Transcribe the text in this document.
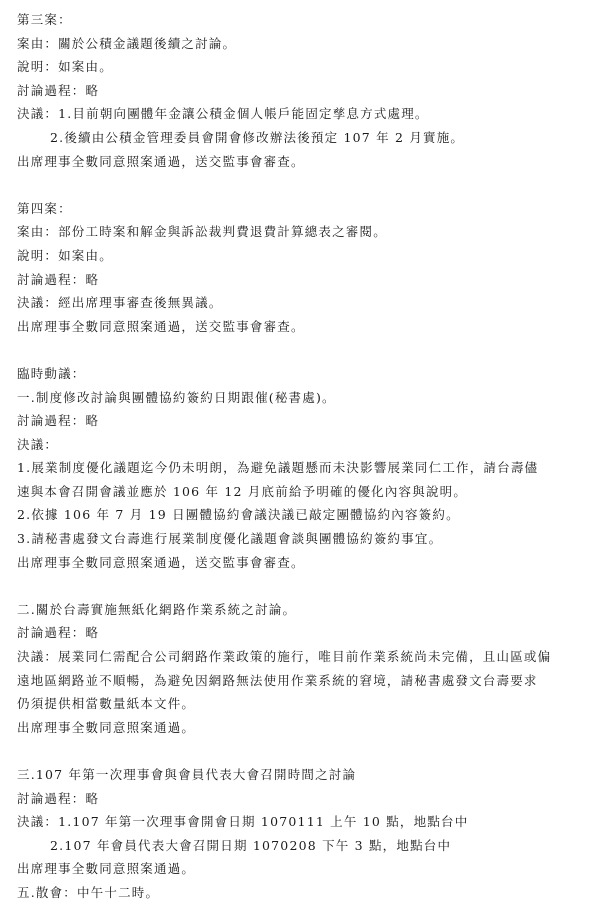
第三案：
案由：關於公積金議題後續之討論。
說明：如案由。
討論過程：略
決議：1.目前朝向團體年金讓公積金個人帳戶能固定孳息方式處理。
2.後續由公積金管理委員會開會修改辦法後預定 107 年 2 月實施。
出席理事全數同意照案通過，送交監事會審查。
第四案：
案由：部份工時案和解金與訴訟裁判費退費計算總表之審閱。
說明：如案由。
討論過程：略
決議：經出席理事審查後無異議。
出席理事全數同意照案通過，送交監事會審查。
臨時動議：
一.制度修改討論與團體協約簽約日期跟催(秘書處)。
討論過程：略
決議：
1.展業制度優化議題迄今仍未明朗，為避免議題懸而未決影響展業同仁工作，請台壽儘
速與本會召開會議並應於 106 年 12 月底前給予明確的優化內容與說明。
2.依據 106 年 7 月 19 日團體協約會議決議已敲定團體協約內容簽約。
3.請秘書處發文台壽進行展業制度優化議題會談與團體協約簽約事宜。
出席理事全數同意照案通過，送交監事會審查。
二.關於台壽實施無紙化網路作業系統之討論。
討論過程：略
決議：展業同仁需配合公司網路作業政策的施行，唯目前作業系統尚未完備，且山區或偏
遠地區網路並不順暢，為避免因網路無法使用作業系統的窘境，請秘書處發文台壽要求
仍須提供相當數量紙本文件。
出席理事全數同意照案通過。
三.107 年第一次理事會與會員代表大會召開時間之討論
討論過程：略
決議：1.107 年第一次理事會開會日期 1070111 上午 10 點，地點台中
2.107 年會員代表大會召開日期 1070208 下午 3 點，地點台中
出席理事全數同意照案通過。
五.散會：中午十二時。
